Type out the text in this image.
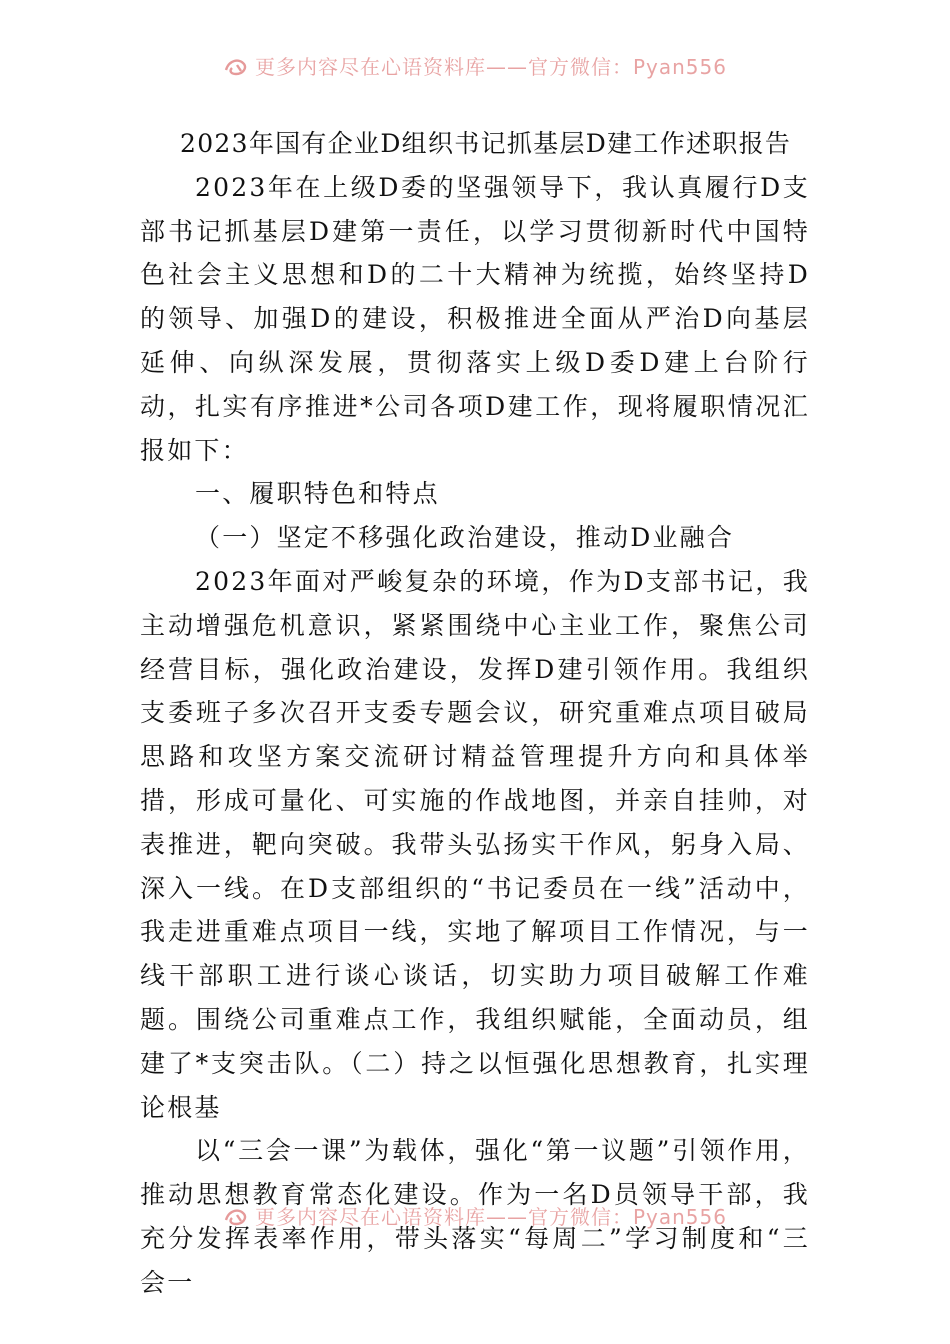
更多内容尽在心语资料库——官方微信：Pyan556

2023年国有企业D组织书记抓基层D建工作述职报告

2023年在上级D委的坚强领导下，我认真履行D支部书记抓基层D建第一责任，以学习贯彻新时代中国特色社会主义思想和D的二十大精神为统揽，始终坚持D的领导、加强D的建设，积极推进全面从严治D向基层延伸、向纵深发展，贯彻落实上级D委D建上台阶行动，扎实有序推进*公司各项D建工作，现将履职情况汇报如下：

一、履职特色和特点

（一）坚定不移强化政治建设，推动D业融合

2023年面对严峻复杂的环境，作为D支部书记，我主动增强危机意识，紧紧围绕中心主业工作，聚焦公司经营目标，强化政治建设，发挥D建引领作用。我组织支委班子多次召开支委专题会议，研究重难点项目破局思路和攻坚方案交流研讨精益管理提升方向和具体举措，形成可量化、可实施的作战地图，并亲自挂帅，对表推进，靶向突破。我带头弘扬实干作风，躬身入局、深入一线。在D支部组织的“书记委员在一线”活动中，我走进重难点项目一线，实地了解项目工作情况，与一线干部职工进行谈心谈话，切实助力项目破解工作难题。围绕公司重难点工作，我组织赋能，全面动员，组建了*支突击队。（二）持之以恒强化思想教育，扎实理论根基

以“三会一课”为载体，强化“第一议题”引领作用，推动思想教育常态化建设。作为一名D员领导干部，我充分发挥表率作用，带头落实“每周二”学习制度和“三会一

更多内容尽在心语资料库——官方微信：Pyan556
